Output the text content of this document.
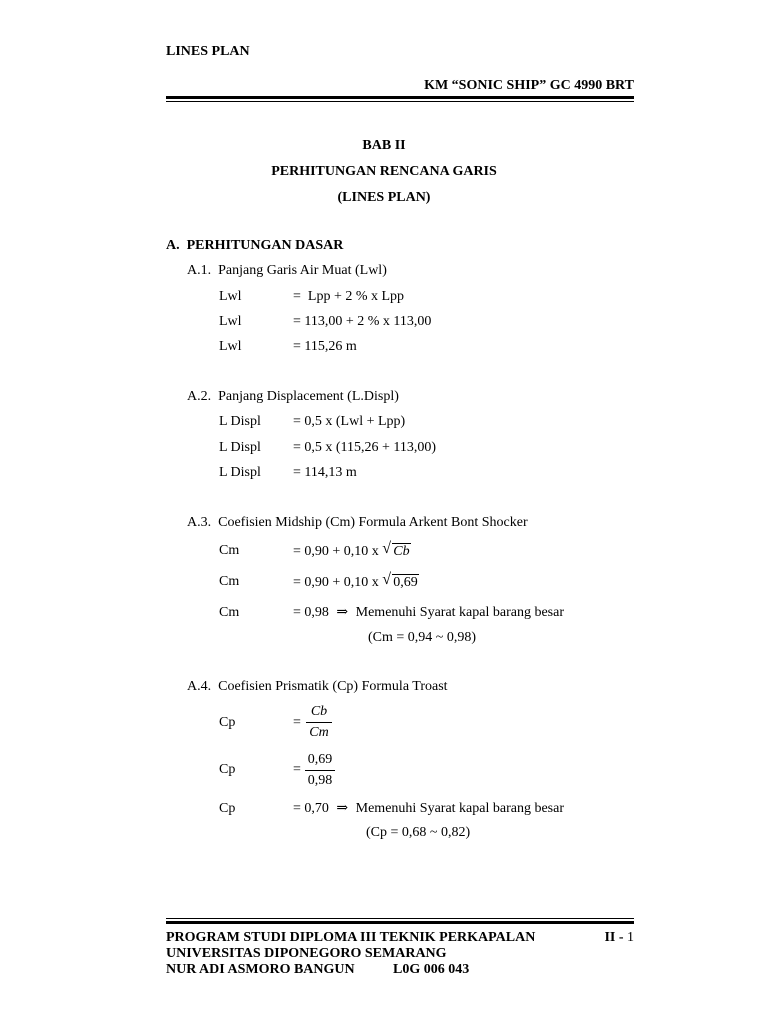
LINES PLAN
KM “SONIC SHIP” GC 4990 BRT
BAB II
PERHITUNGAN RENCANA GARIS
(LINES PLAN)
A.  PERHITUNGAN DASAR
A.1.  Panjang Garis Air Muat (Lwl)
Lwl	=  Lpp + 2 % x Lpp
Lwl	= 113,00 + 2 % x 113,00
Lwl	= 115,26 m
A.2.  Panjang Displacement (L.Displ)
L Displ = 0,5 x (Lwl + Lpp)
L Displ = 0,5 x (115,26 + 113,00)
L Displ = 114,13 m
A.3.  Coefisien Midship (Cm) Formula Arkent Bont Shocker
Cm	= 0,90 + 0,10 x √ Cb
Cm	= 0,90 + 0,10 x √ 0,69
Cm	= 0,98 ⇒ Memenuhi Syarat kapal barang besar
(Cm = 0,94 ~ 0,98)
A.4.  Coefisien Prismatik (Cp) Formula Troast
Cp	=
Cb
Cm
Cp	=
0,69
0,98
Cp	= 0,70 ⇒ Memenuhi Syarat kapal barang besar
(Cp = 0,68 ~ 0,82)
PROGRAM STUDI DIPLOMA III TEKNIK PERKAPALAN	II - 1
UNIVERSITAS DIPONEGORO SEMARANG
NUR ADI ASMORO BANGUN	L0G 006 043
